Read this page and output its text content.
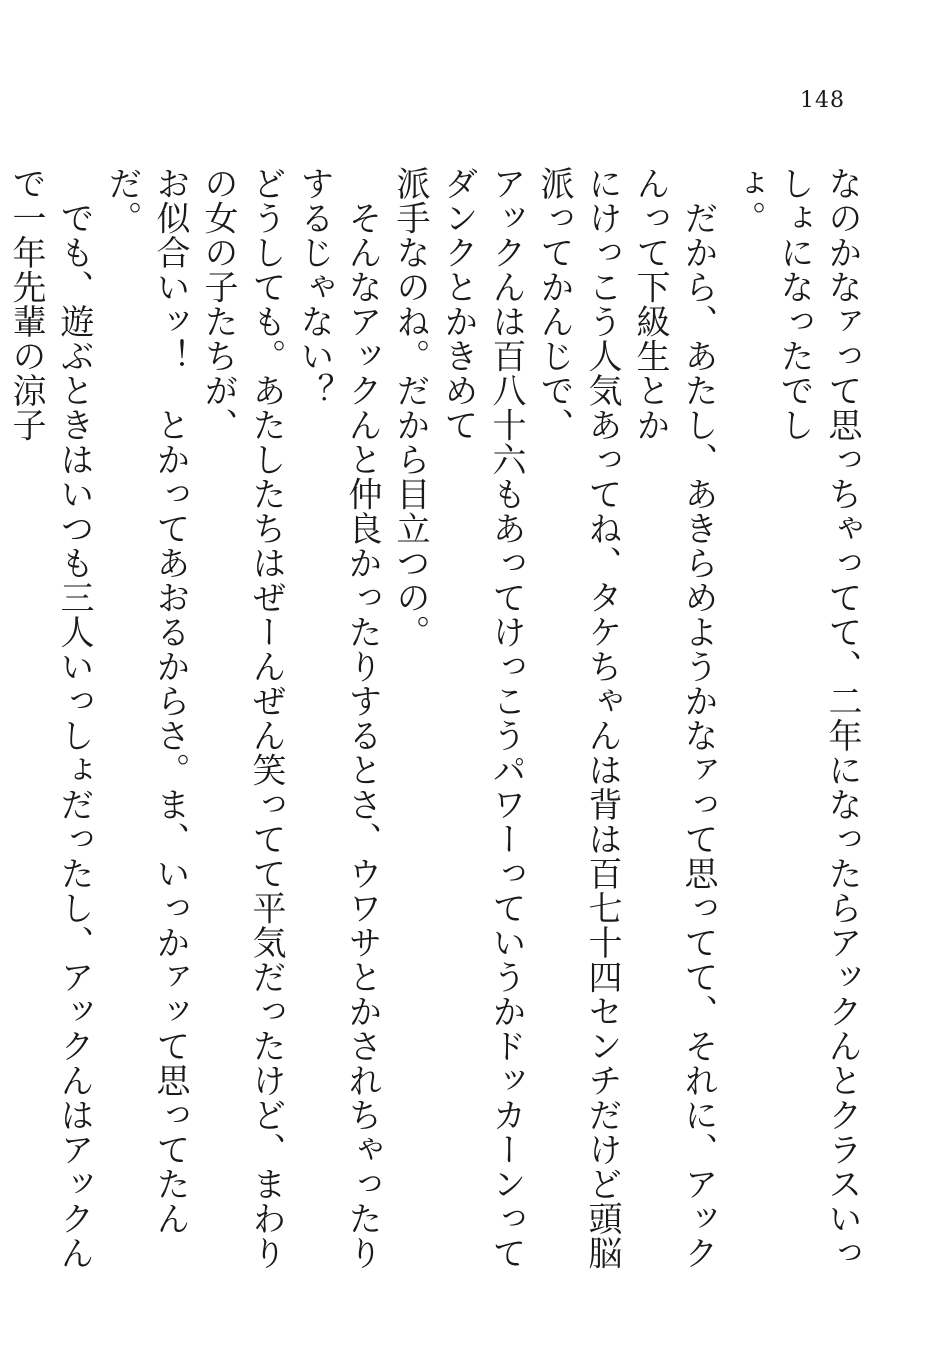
148

なのかなァって思っちゃってて、二年になったらアックんとクラスいっしょになったでし

ょ。

　だから、あたし、あきらめようかなァって思ってて、それに、アックんって下級生とか

にけっこう人気あってね、タケちゃんは背は百七十四センチだけど頭脳派ってかんじで、

アックんは百八十六もあってけっこうパワーっていうかドッカーンってダンクとかきめて

派手なのね。だから目立つの。

　そんなアックんと仲良かったりするとさ、ウワサとかされちゃったりするじゃない？

どうしても。あたしたちはぜーんぜん笑ってて平気だったけど、まわりの女の子たちが、

お似合いッ！　とかってあおるからさ。ま、いっかァッて思ってたんだ。

　でも、遊ぶときはいつも三人いっしょだったし、アックんはアックんで一年先輩の涼子
